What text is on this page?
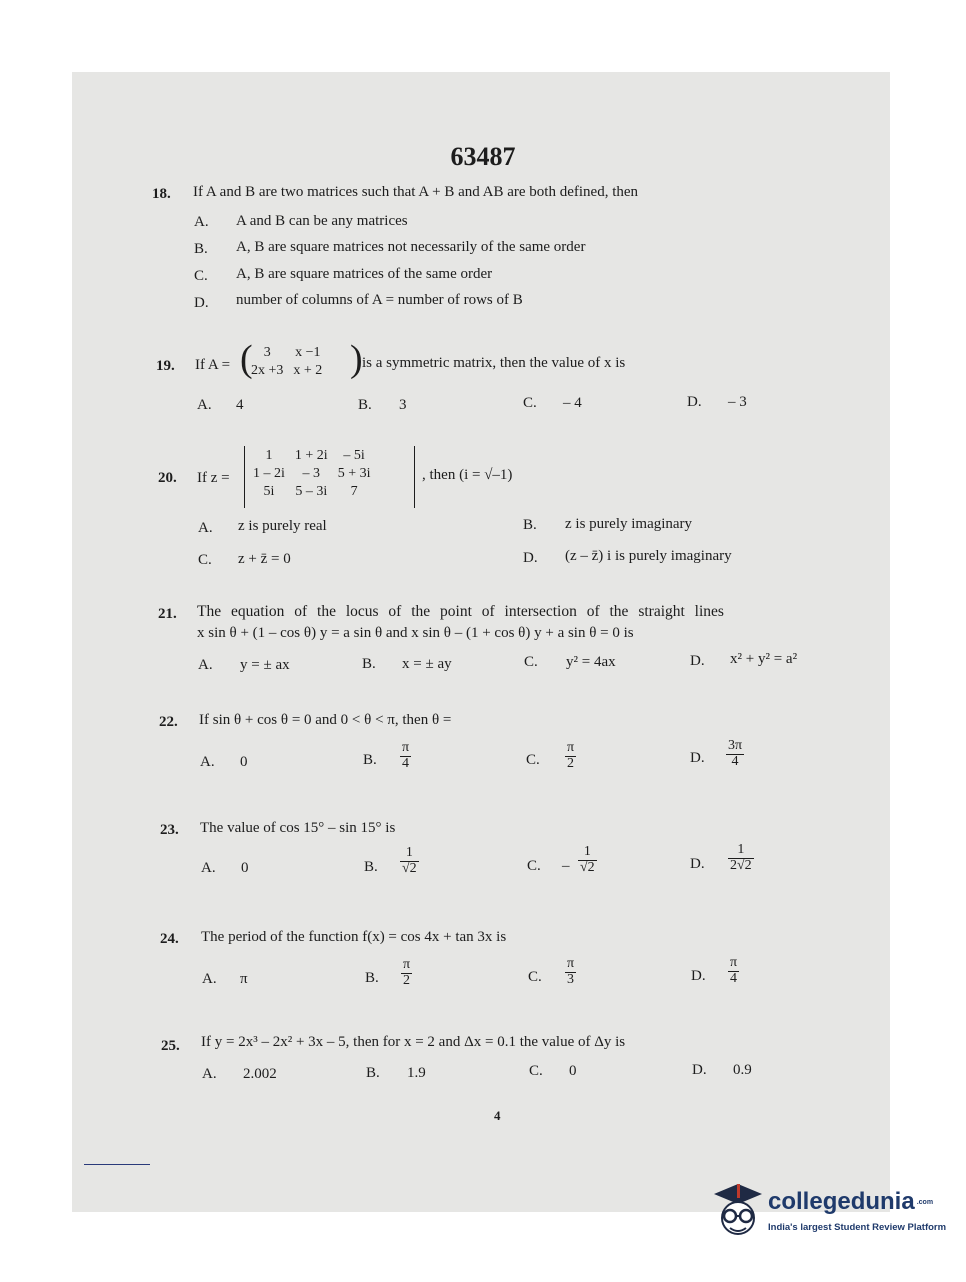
63487
18. If A and B are two matrices such that A + B and AB are both defined, then
A. A and B can be any matrices
B. A, B are square matrices not necessarily of the same order
C. A, B are square matrices of the same order
D. number of columns of A = number of rows of B
19. If A = ( 3	x −1
2x +3	x + 2 ) is a symmetric matrix, then the value of x is
A. 4	B. 3	C. – 4	D. – 3
20. If z =
1	1 + 2i	– 5i
1 – 2i	– 3	5 + 3i
5i	5 – 3i	7
, then (i = √–1)
A. z is purely real	B. z is purely imaginary
C. z + z̄ = 0	D. (z – z̄) i is purely imaginary
21. The equation of the locus of the point of intersection of the straight lines
x sin θ + (1 – cos θ) y = a sin θ and x sin θ – (1 + cos θ) y + a sin θ = 0 is
A. y = ± ax	B. x = ± ay	C. y² = 4ax	D. x² + y² = a²
22. If sin θ + cos θ = 0 and 0 < θ < π, then θ =
A. 0	B. $\frac{\pi}{4}$	C. $\frac{\pi}{2}$	D. $\frac{3\pi}{4}$
23. The value of cos 15° – sin 15° is
A. 0	B. $\frac{1}{√2}$	C. – $\frac{1}{√2}$	D. $\frac{1}{2√2}$
24. The period of the function f(x) = cos 4x + tan 3x is
A. π	B. $\frac{\pi}{2}$	C. $\frac{\pi}{3}$	D. $\frac{\pi}{4}$
25. If y = 2x³ – 2x² + 3x – 5, then for x = 2 and Δx = 0.1 the value of Δy is
A. 2.002	B. 1.9	C. 0	D. 0.9
4
collegedunia .com
India's largest Student Review Platform
